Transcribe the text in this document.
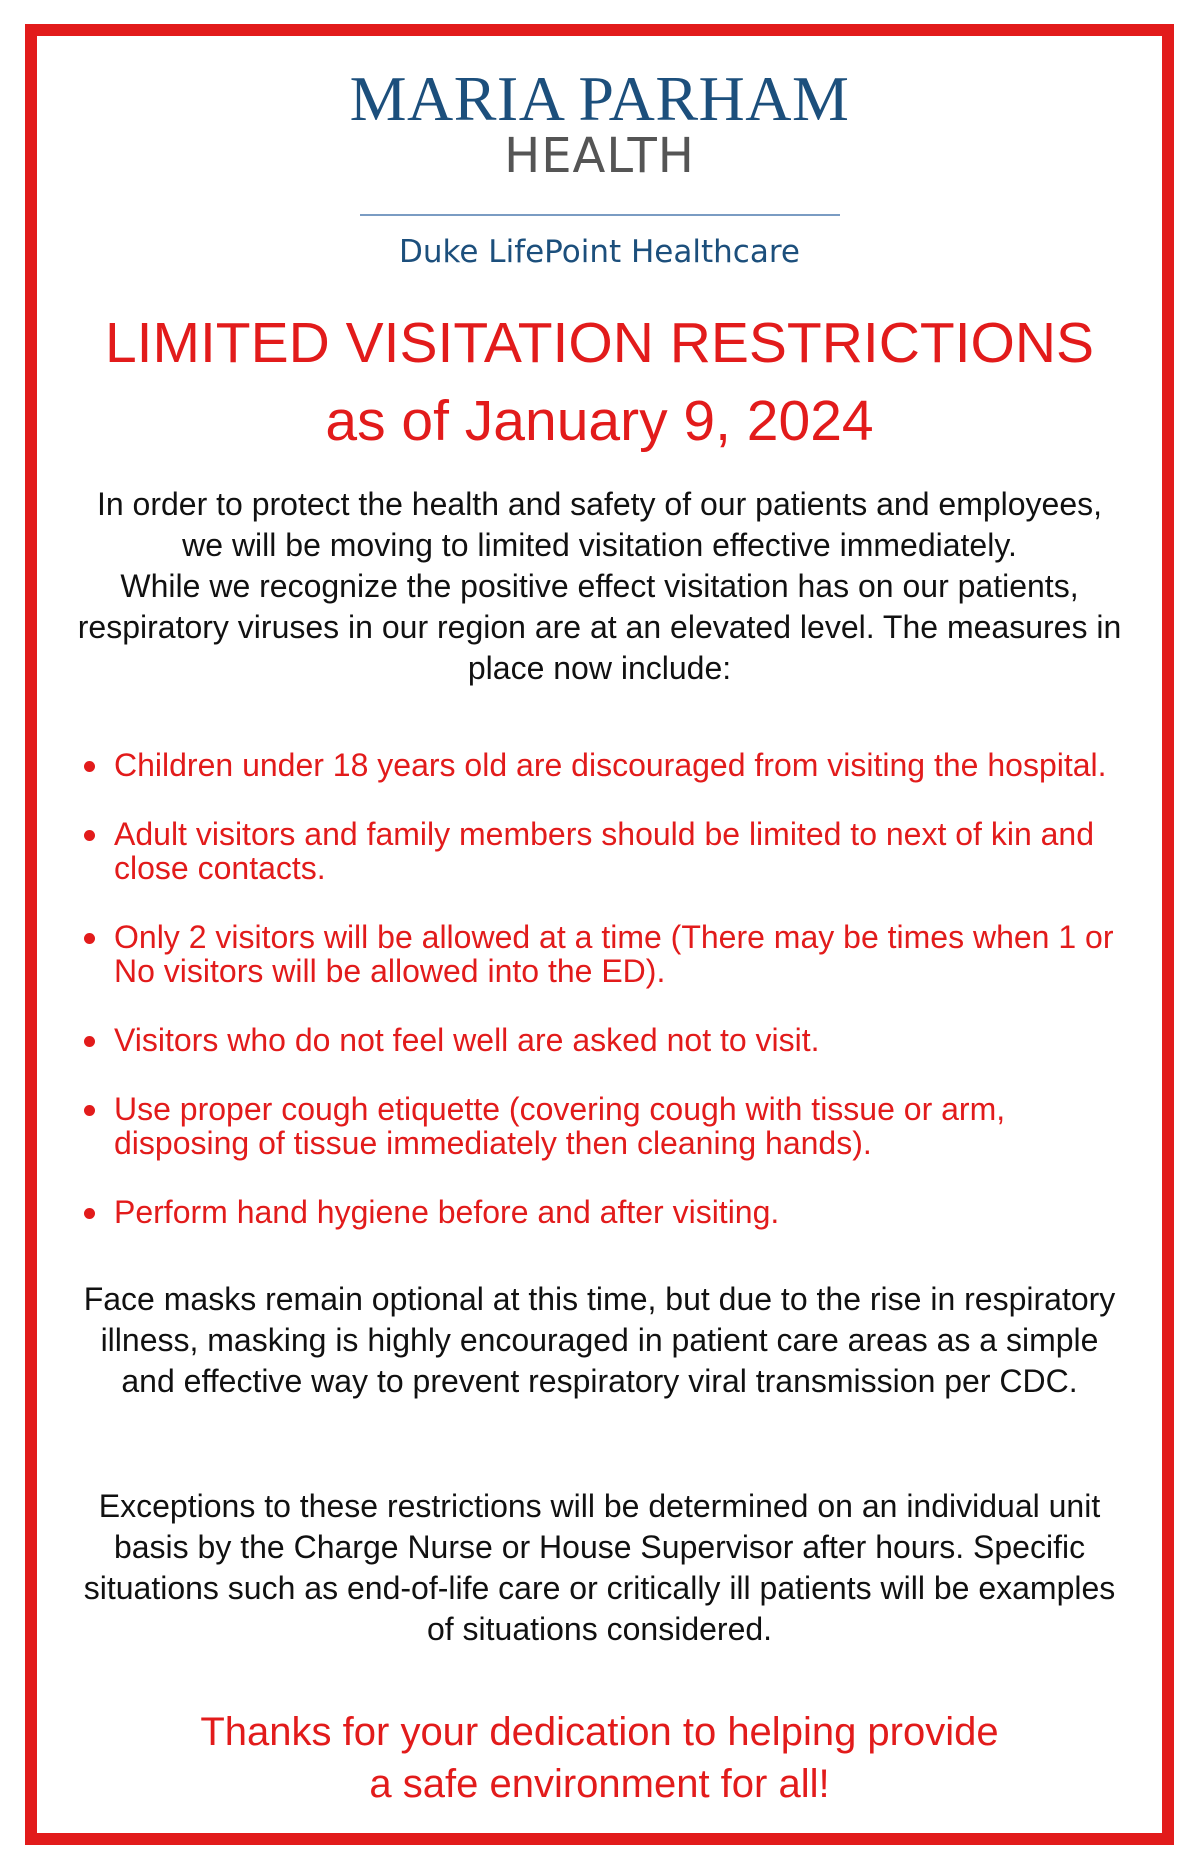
MARIA PARHAM
HEALTH
Duke LifePoint Healthcare
LIMITED VISITATION RESTRICTIONS
as of January 9, 2024

In order to protect the health and safety of our patients and employees, we will be moving to limited visitation effective immediately.

While we recognize the positive effect visitation has on our patients, respiratory viruses in our region are at an elevated level. The measures in place now include:

Children under 18 years old are discouraged from visiting the hospital.
Adult visitors and family members should be limited to next of kin and close contacts.
Only 2 visitors will be allowed at a time (There may be times when 1 or No visitors will be allowed into the ED).
Visitors who do not feel well are asked not to visit.
Use proper cough etiquette (covering cough with tissue or arm, disposing of tissue immediately then cleaning hands).
Perform hand hygiene before and after visiting.

Face masks remain optional at this time, but due to the rise in respiratory illness, masking is highly encouraged in patient care areas as a simple and effective way to prevent respiratory viral transmission per CDC.

Exceptions to these restrictions will be determined on an individual unit basis by the Charge Nurse or House Supervisor after hours. Specific situations such as end-of-life care or critically ill patients will be examples of situations considered.

Thanks for your dedication to helping provide
a safe environment for all!
